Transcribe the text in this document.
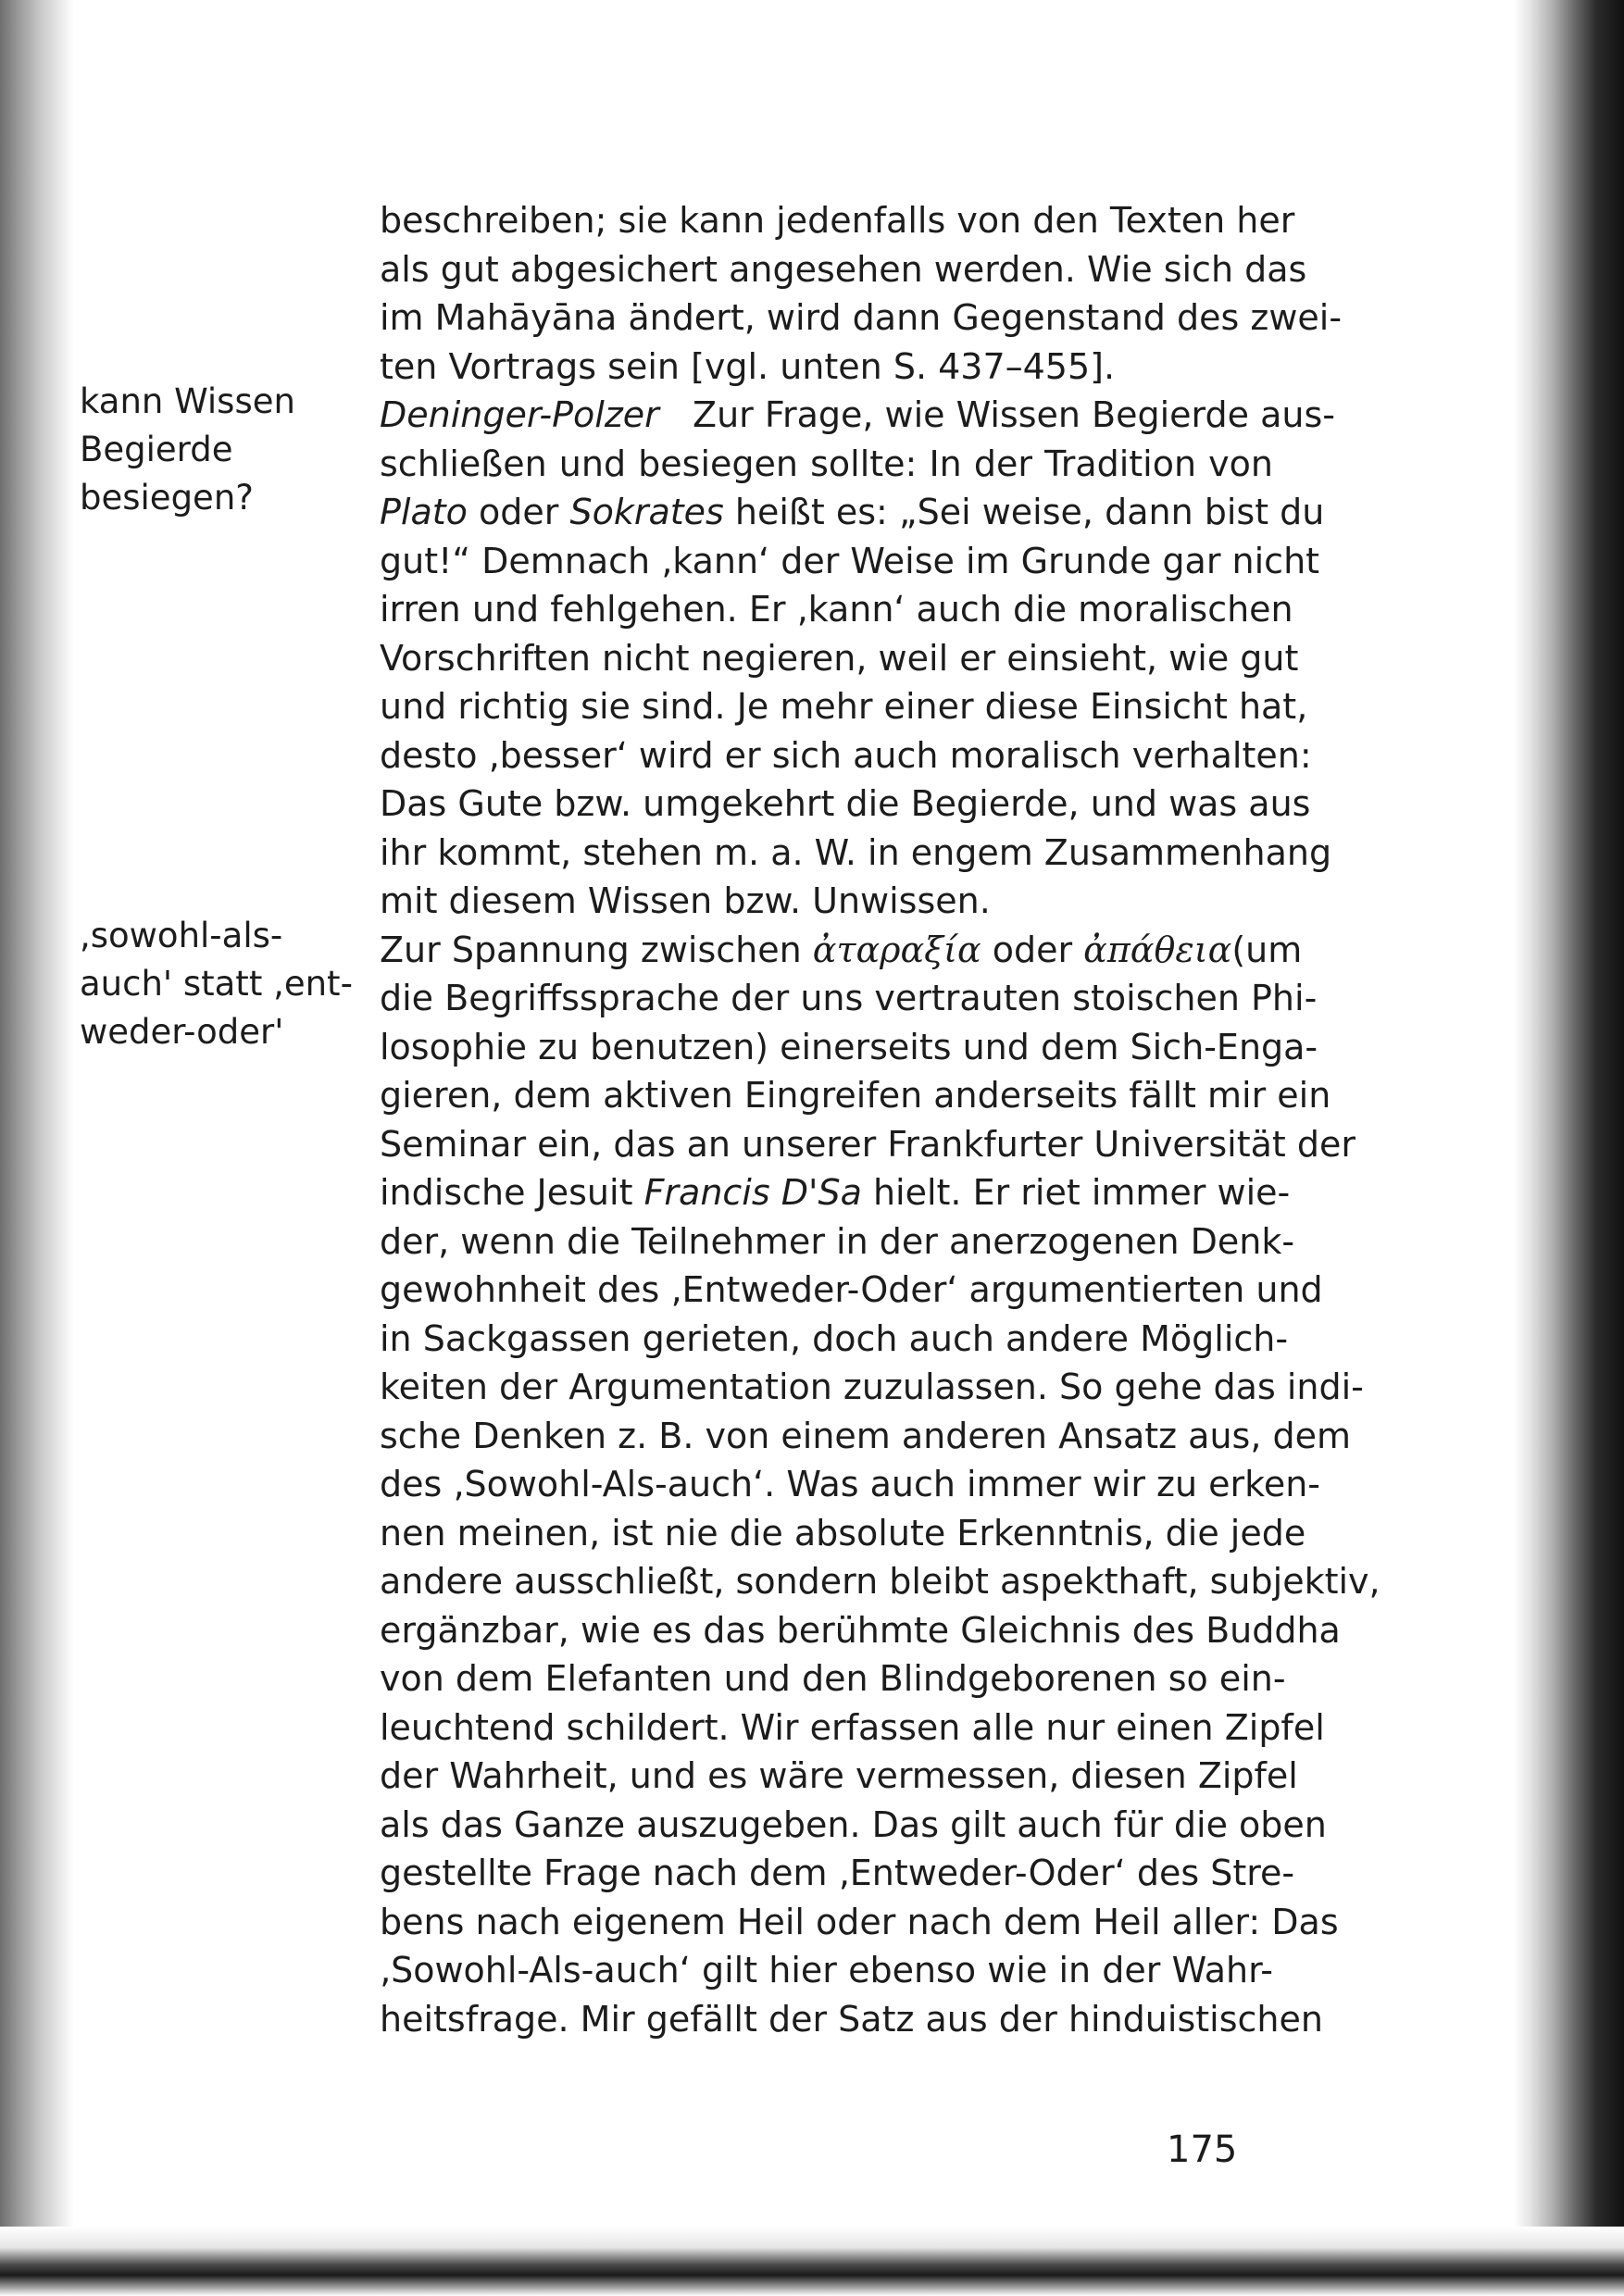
kann Wissen
Begierde
besiegen?
,sowohl-als-
auch' statt ,ent-
weder-oder'
beschreiben; sie kann jedenfalls von den Texten her
als gut abgesichert angesehen werden. Wie sich das
im Mahāyāna ändert, wird dann Gegenstand des zwei-
ten Vortrags sein [vgl. unten S. 437–455].
Deninger-Polzer   Zur Frage, wie Wissen Begierde aus-
schließen und besiegen sollte: In der Tradition von
Plato oder Sokrates heißt es: „Sei weise, dann bist du
gut!“ Demnach ‚kann‘ der Weise im Grunde gar nicht
irren und fehlgehen. Er ‚kann‘ auch die moralischen
Vorschriften nicht negieren, weil er einsieht, wie gut
und richtig sie sind. Je mehr einer diese Einsicht hat,
desto ‚besser‘ wird er sich auch moralisch verhalten:
Das Gute bzw. umgekehrt die Begierde, und was aus
ihr kommt, stehen m. a. W. in engem Zusammenhang
mit diesem Wissen bzw. Unwissen.
Zur Spannung zwischen ἀταραξία oder ἀπάθεια(um
die Begriffssprache der uns vertrauten stoischen Phi-
losophie zu benutzen) einerseits und dem Sich-Enga-
gieren, dem aktiven Eingreifen anderseits fällt mir ein
Seminar ein, das an unserer Frankfurter Universität der
indische Jesuit Francis D'Sa hielt. Er riet immer wie-
der, wenn die Teilnehmer in der anerzogenen Denk-
gewohnheit des ‚Entweder-Oder‘ argumentierten und
in Sackgassen gerieten, doch auch andere Möglich-
keiten der Argumentation zuzulassen. So gehe das indi-
sche Denken z. B. von einem anderen Ansatz aus, dem
des ‚Sowohl-Als-auch‘. Was auch immer wir zu erken-
nen meinen, ist nie die absolute Erkenntnis, die jede
andere ausschließt, sondern bleibt aspekthaft, subjektiv,
ergänzbar, wie es das berühmte Gleichnis des Buddha
von dem Elefanten und den Blindgeborenen so ein-
leuchtend schildert. Wir erfassen alle nur einen Zipfel
der Wahrheit, und es wäre vermessen, diesen Zipfel
als das Ganze auszugeben. Das gilt auch für die oben
gestellte Frage nach dem ‚Entweder-Oder‘ des Stre-
bens nach eigenem Heil oder nach dem Heil aller: Das
‚Sowohl-Als-auch‘ gilt hier ebenso wie in der Wahr-
heitsfrage. Mir gefällt der Satz aus der hinduistischen
175
